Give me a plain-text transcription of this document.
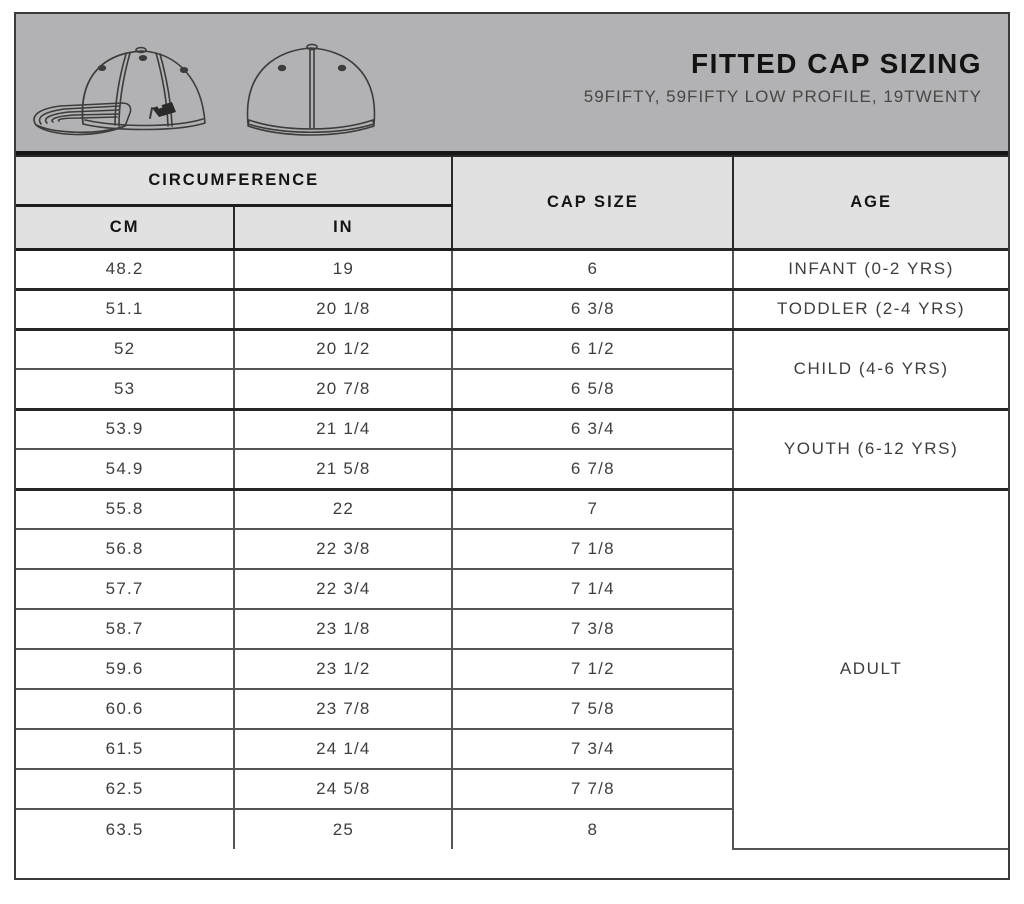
FITTED CAP SIZING
59FIFTY, 59FIFTY LOW PROFILE, 19TWENTY
CIRCUMFERENCE		CAP SIZE	AGE
CM	IN		
48.2	19	6	INFANT (0-2 YRS)
51.1	20 1/8	6 3/8	TODDLER (2-4 YRS)
52	20 1/2	6 1/2	CHILD (4-6 YRS)
53	20 7/8	6 5/8	
53.9	21 1/4	6 3/4	YOUTH (6-12 YRS)
54.9	21 5/8	6 7/8	
55.8	22	7	ADULT
56.8	22 3/8	7 1/8	
57.7	22 3/4	7 1/4	
58.7	23 1/8	7 3/8	
59.6	23 1/2	7 1/2	
60.6	23 7/8	7 5/8	
61.5	24 1/4	7 3/4	
62.5	24 5/8	7 7/8	
63.5	25	8	
